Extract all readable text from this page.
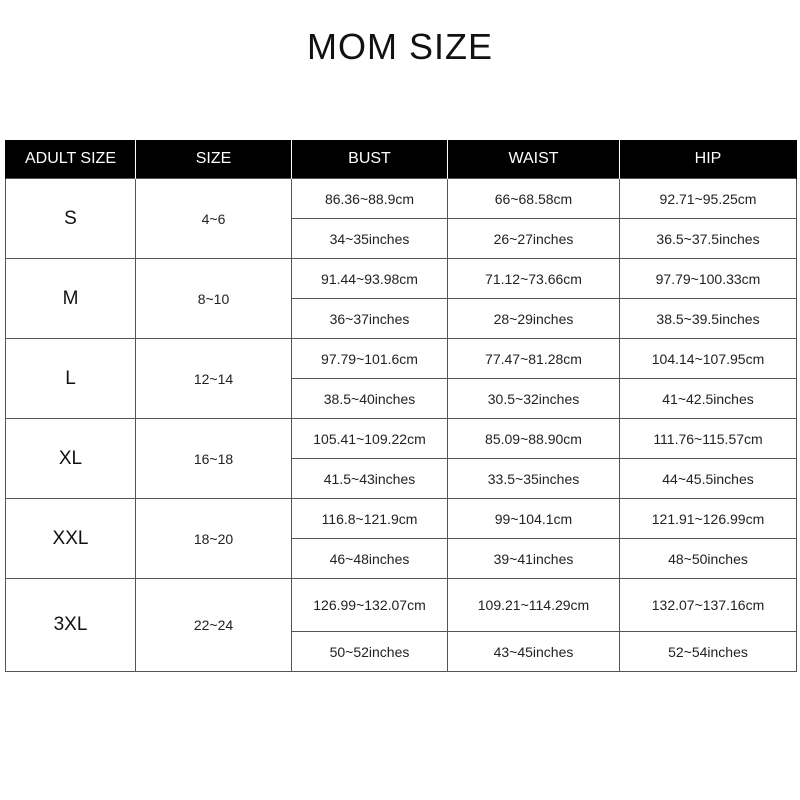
MOM SIZE
ADULT SIZE	SIZE	BUST	WAIST	HIP
S	4~6	86.36~88.9cm	66~68.58cm	92.71~95.25cm
		34~35inches	26~27inches	36.5~37.5inches
M	8~10	91.44~93.98cm	71.12~73.66cm	97.79~100.33cm
		36~37inches	28~29inches	38.5~39.5inches
L	12~14	97.79~101.6cm	77.47~81.28cm	104.14~107.95cm
		38.5~40inches	30.5~32inches	41~42.5inches
XL	16~18	105.41~109.22cm	85.09~88.90cm	111.76~115.57cm
		41.5~43inches	33.5~35inches	44~45.5inches
XXL	18~20	116.8~121.9cm	99~104.1cm	121.91~126.99cm
		46~48inches	39~41inches	48~50inches
3XL	22~24	126.99~132.07cm	109.21~114.29cm	132.07~137.16cm
		50~52inches	43~45inches	52~54inches
